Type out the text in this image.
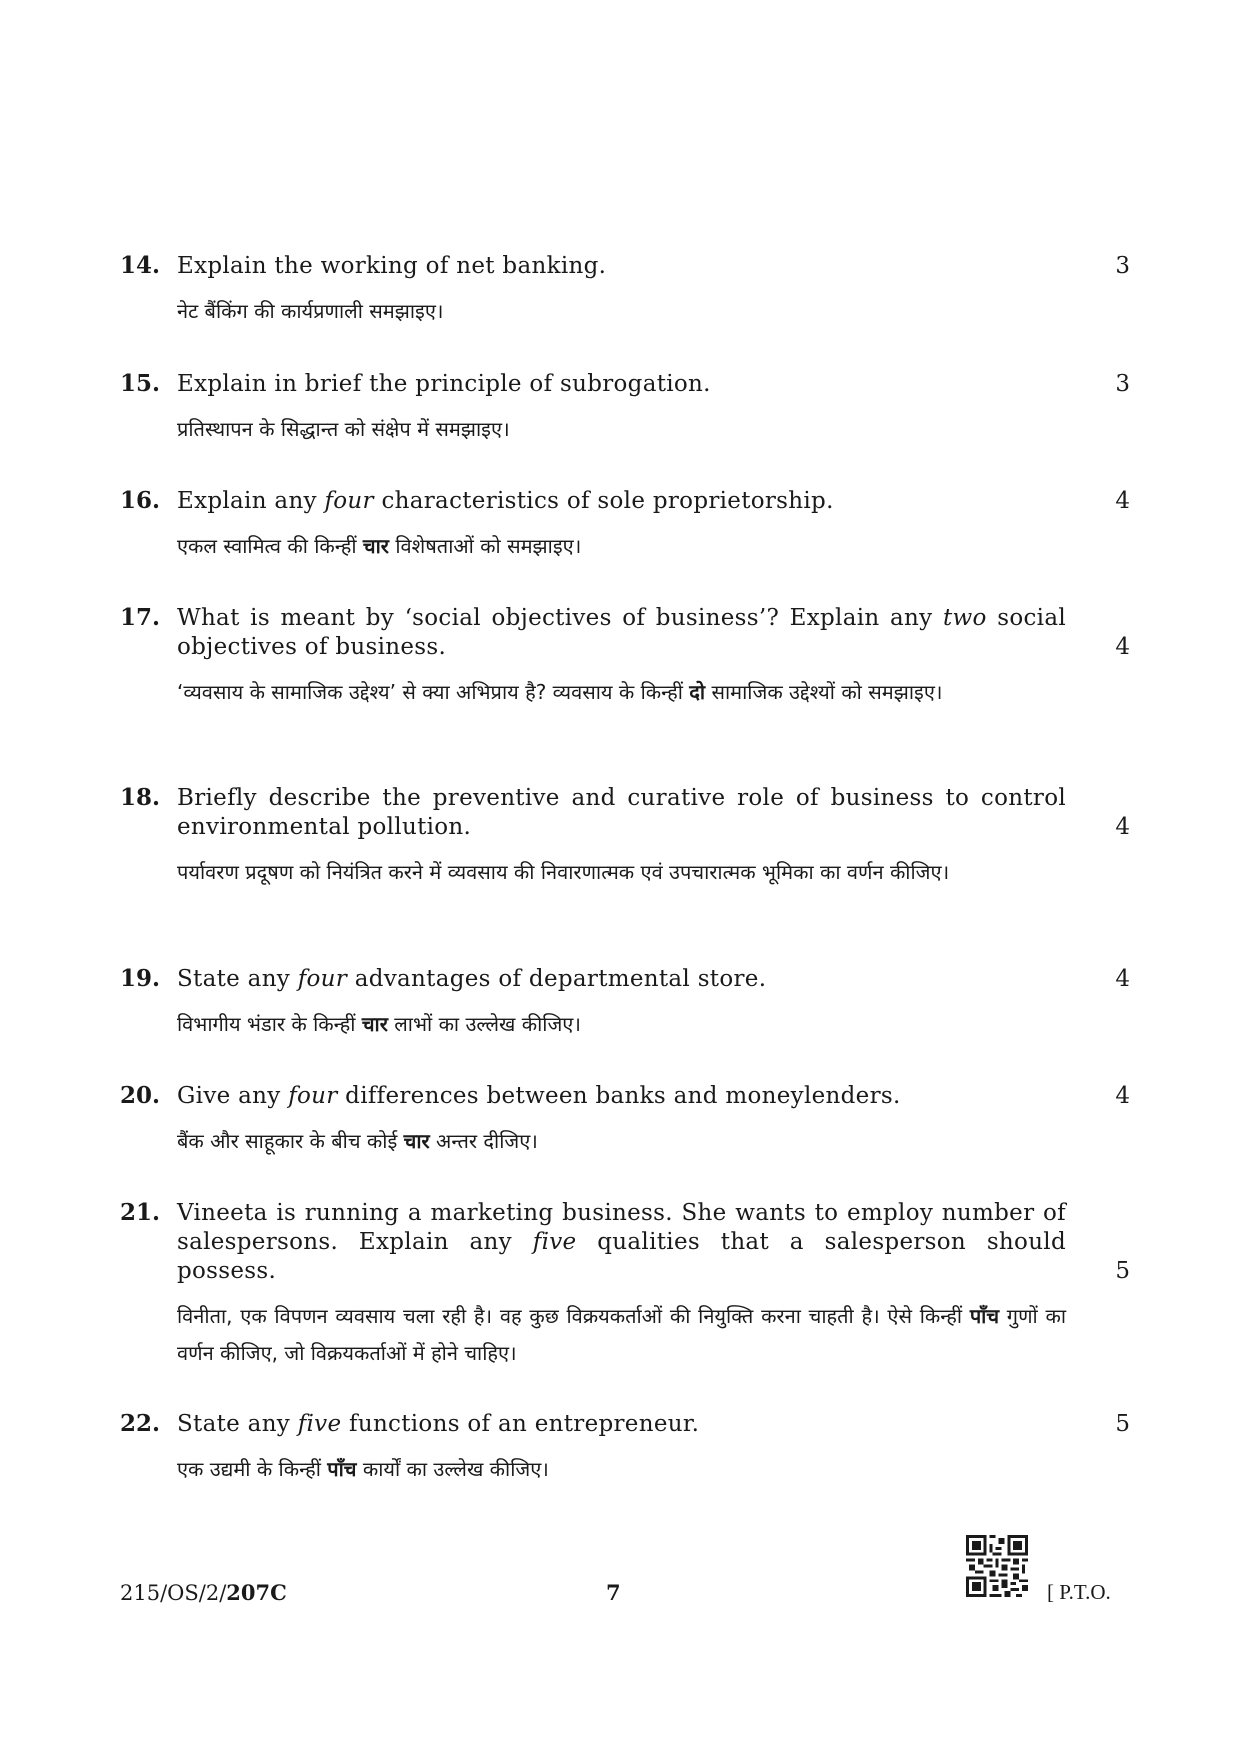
14. Explain the working of net banking.
नेट बैंकिंग की कार्यप्रणाली समझाइए।
3
15. Explain in brief the principle of subrogation.
प्रतिस्थापन के सिद्धान्त को संक्षेप में समझाइए।
3
16. Explain any four characteristics of sole proprietorship.
एकल स्वामित्व की किन्हीं चार विशेषताओं को समझाइए।
4
17. What is meant by ‘social objectives of business’? Explain any two social objectives of business.
‘व्यवसाय के सामाजिक उद्देश्य’ से क्या अभिप्राय है? व्यवसाय के किन्हीं दो सामाजिक उद्देश्यों को समझाइए।
4
18. Briefly describe the preventive and curative role of business to control environmental pollution.
पर्यावरण प्रदूषण को नियंत्रित करने में व्यवसाय की निवारणात्मक एवं उपचारात्मक भूमिका का वर्णन कीजिए।
4
19. State any four advantages of departmental store.
विभागीय भंडार के किन्हीं चार लाभों का उल्लेख कीजिए।
4
20. Give any four differences between banks and moneylenders.
बैंक और साहूकार के बीच कोई चार अन्तर दीजिए।
4
21. Vineeta is running a marketing business. She wants to employ number of salespersons. Explain any five qualities that a salesperson should possess.
विनीता, एक विपणन व्यवसाय चला रही है। वह कुछ विक्रयकर्ताओं की नियुक्ति करना चाहती है। ऐसे किन्हीं पाँच गुणों का वर्णन कीजिए, जो विक्रयकर्ताओं में होने चाहिए।
5
22. State any five functions of an entrepreneur.
एक उद्यमी के किन्हीं पाँच कार्यों का उल्लेख कीजिए।
5
215/OS/2/207C	7	[ P.T.O.
